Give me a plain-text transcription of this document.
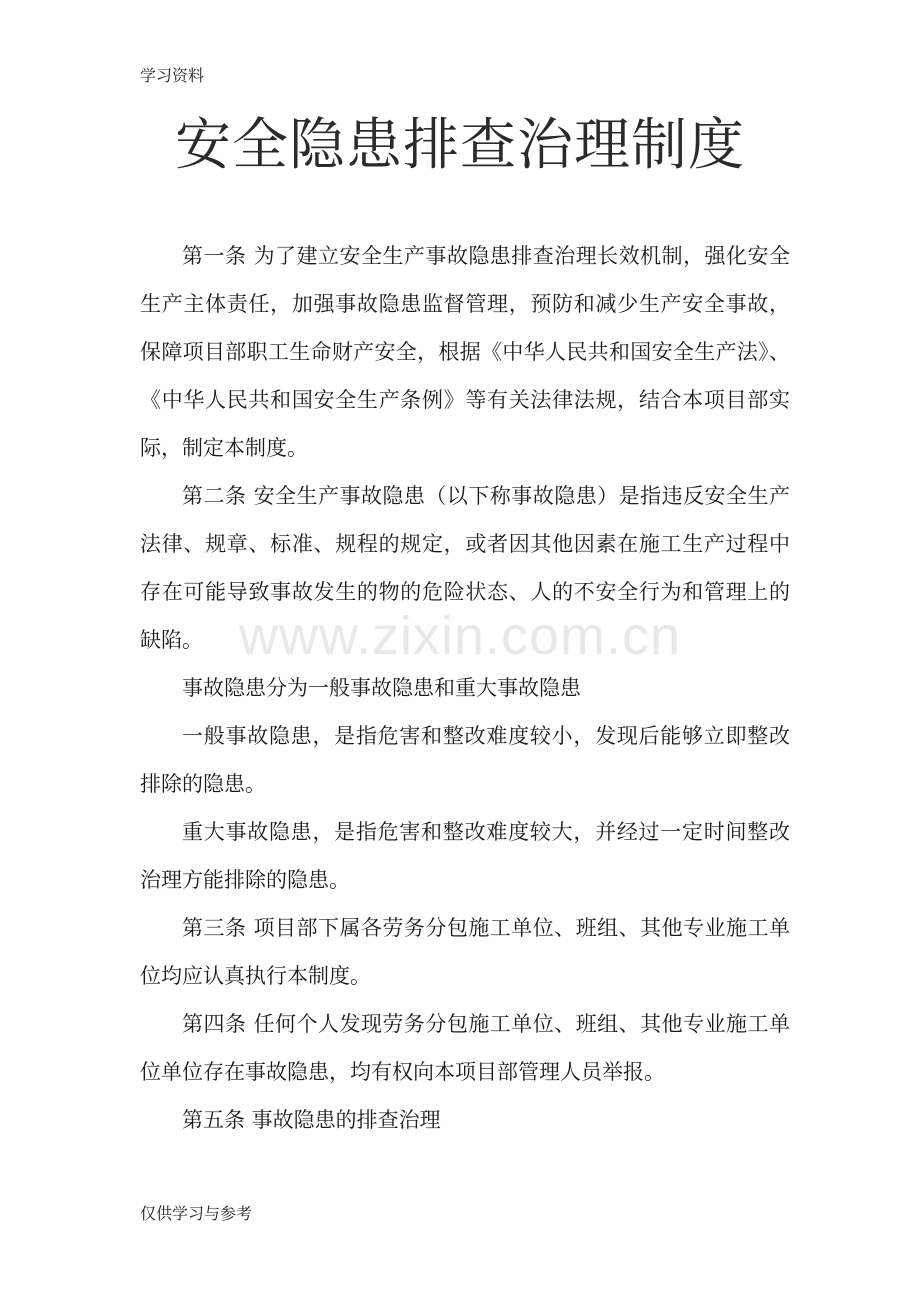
学习资料
安全隐患排查治理制度

第一条 为了建立安全生产事故隐患排查治理长效机制，强化安全生产主体责任，加强事故隐患监督管理，预防和减少生产安全事故，保障项目部职工生命财产安全，根据《中华人民共和国安全生产法》、《中华人民共和国安全生产条例》等有关法律法规，结合本项目部实际，制定本制度。

第二条 安全生产事故隐患（以下称事故隐患）是指违反安全生产法律、规章、标准、规程的规定，或者因其他因素在施工生产过程中存在可能导致事故发生的物的危险状态、人的不安全行为和管理上的缺陷。

事故隐患分为一般事故隐患和重大事故隐患

一般事故隐患，是指危害和整改难度较小，发现后能够立即整改排除的隐患。

重大事故隐患，是指危害和整改难度较大，并经过一定时间整改治理方能排除的隐患。

第三条 项目部下属各劳务分包施工单位、班组、其他专业施工单位均应认真执行本制度。

第四条 任何个人发现劳务分包施工单位、班组、其他专业施工单位单位存在事故隐患，均有权向本项目部管理人员举报。

第五条 事故隐患的排查治理

www.zixin.com.cn
仅供学习与参考
